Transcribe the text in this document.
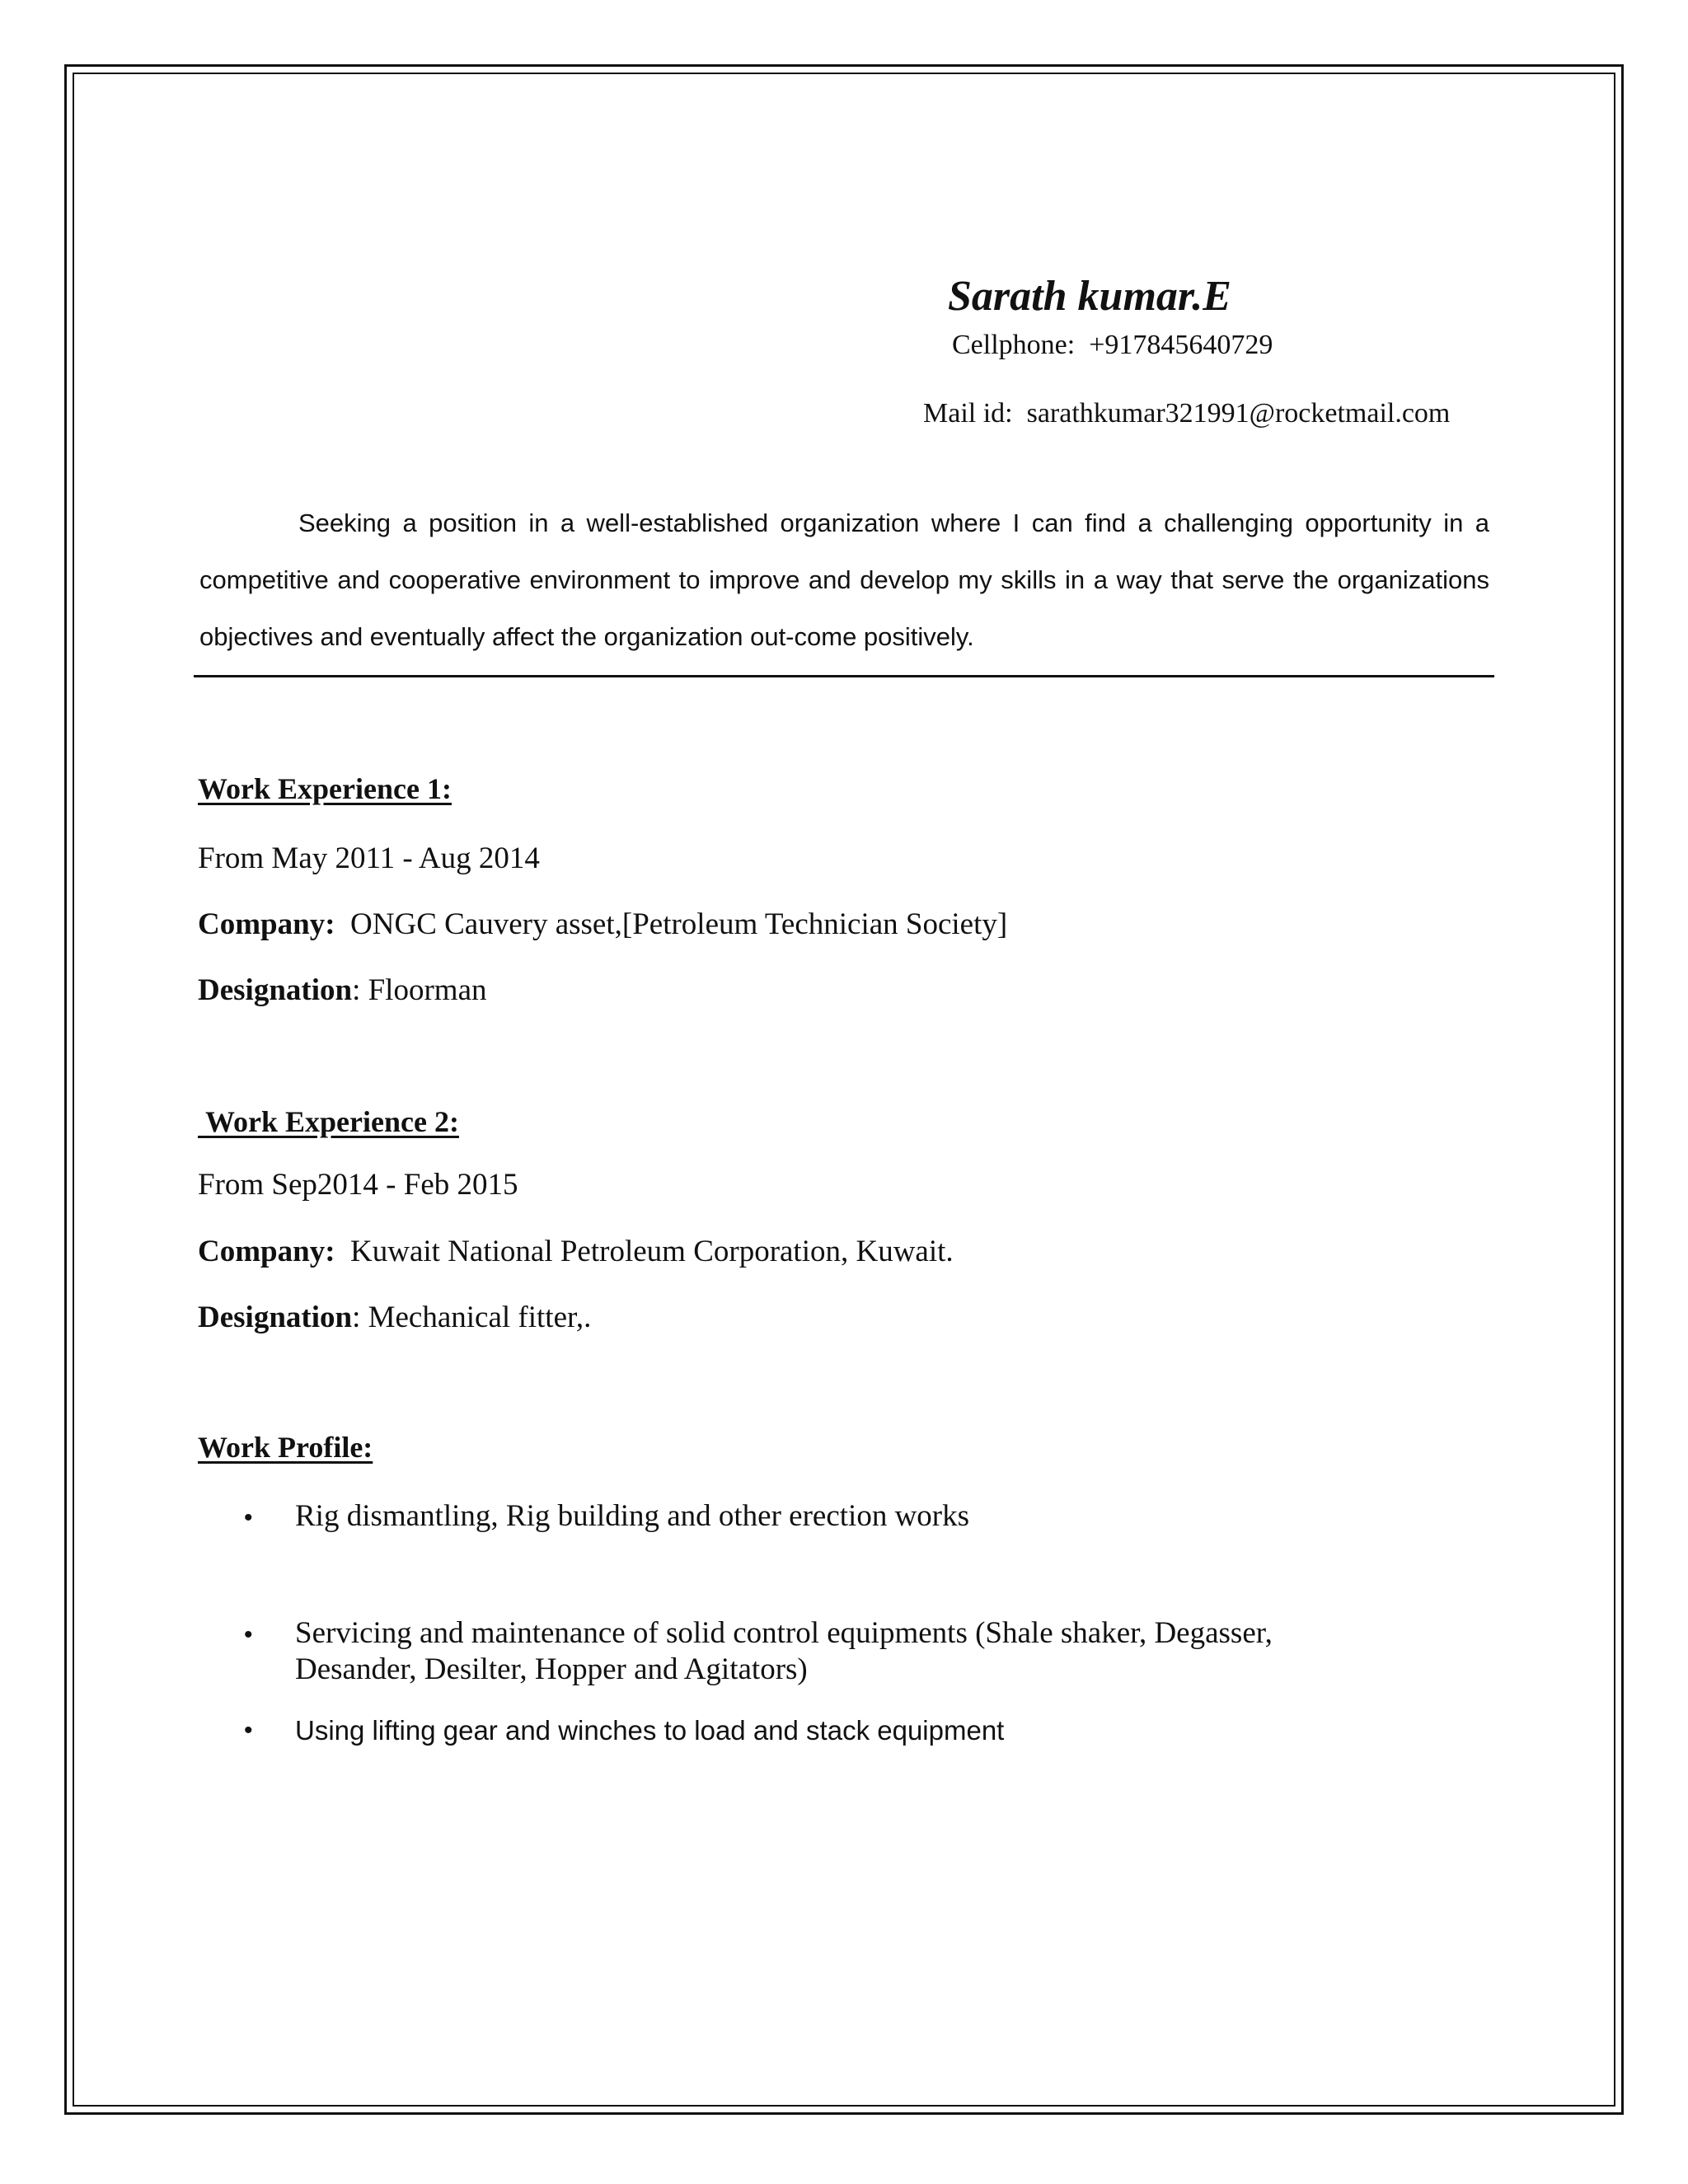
Sarath kumar.E
Cellphone: +917845640729
Mail id: sarathkumar321991@rocketmail.com

Seeking a position in a well-established organization where I can find a challenging opportunity in a competitive and cooperative environment to improve and develop my skills in a way that serve the organizations objectives and eventually affect the organization out-come positively.

Work Experience 1:
From May 2011 - Aug 2014
Company: ONGC Cauvery asset,[Petroleum Technician Society]
Designation: Floorman
Work Experience 2:
From Sep2014 - Feb 2015
Company: Kuwait National Petroleum Corporation, Kuwait.
Designation: Mechanical fitter,.
Work Profile:
• Rig dismantling, Rig building and other erection works
• Servicing and maintenance of solid control equipments (Shale shaker, Degasser,
Desander, Desilter, Hopper and Agitators)
• Using lifting gear and winches to load and stack equipment
